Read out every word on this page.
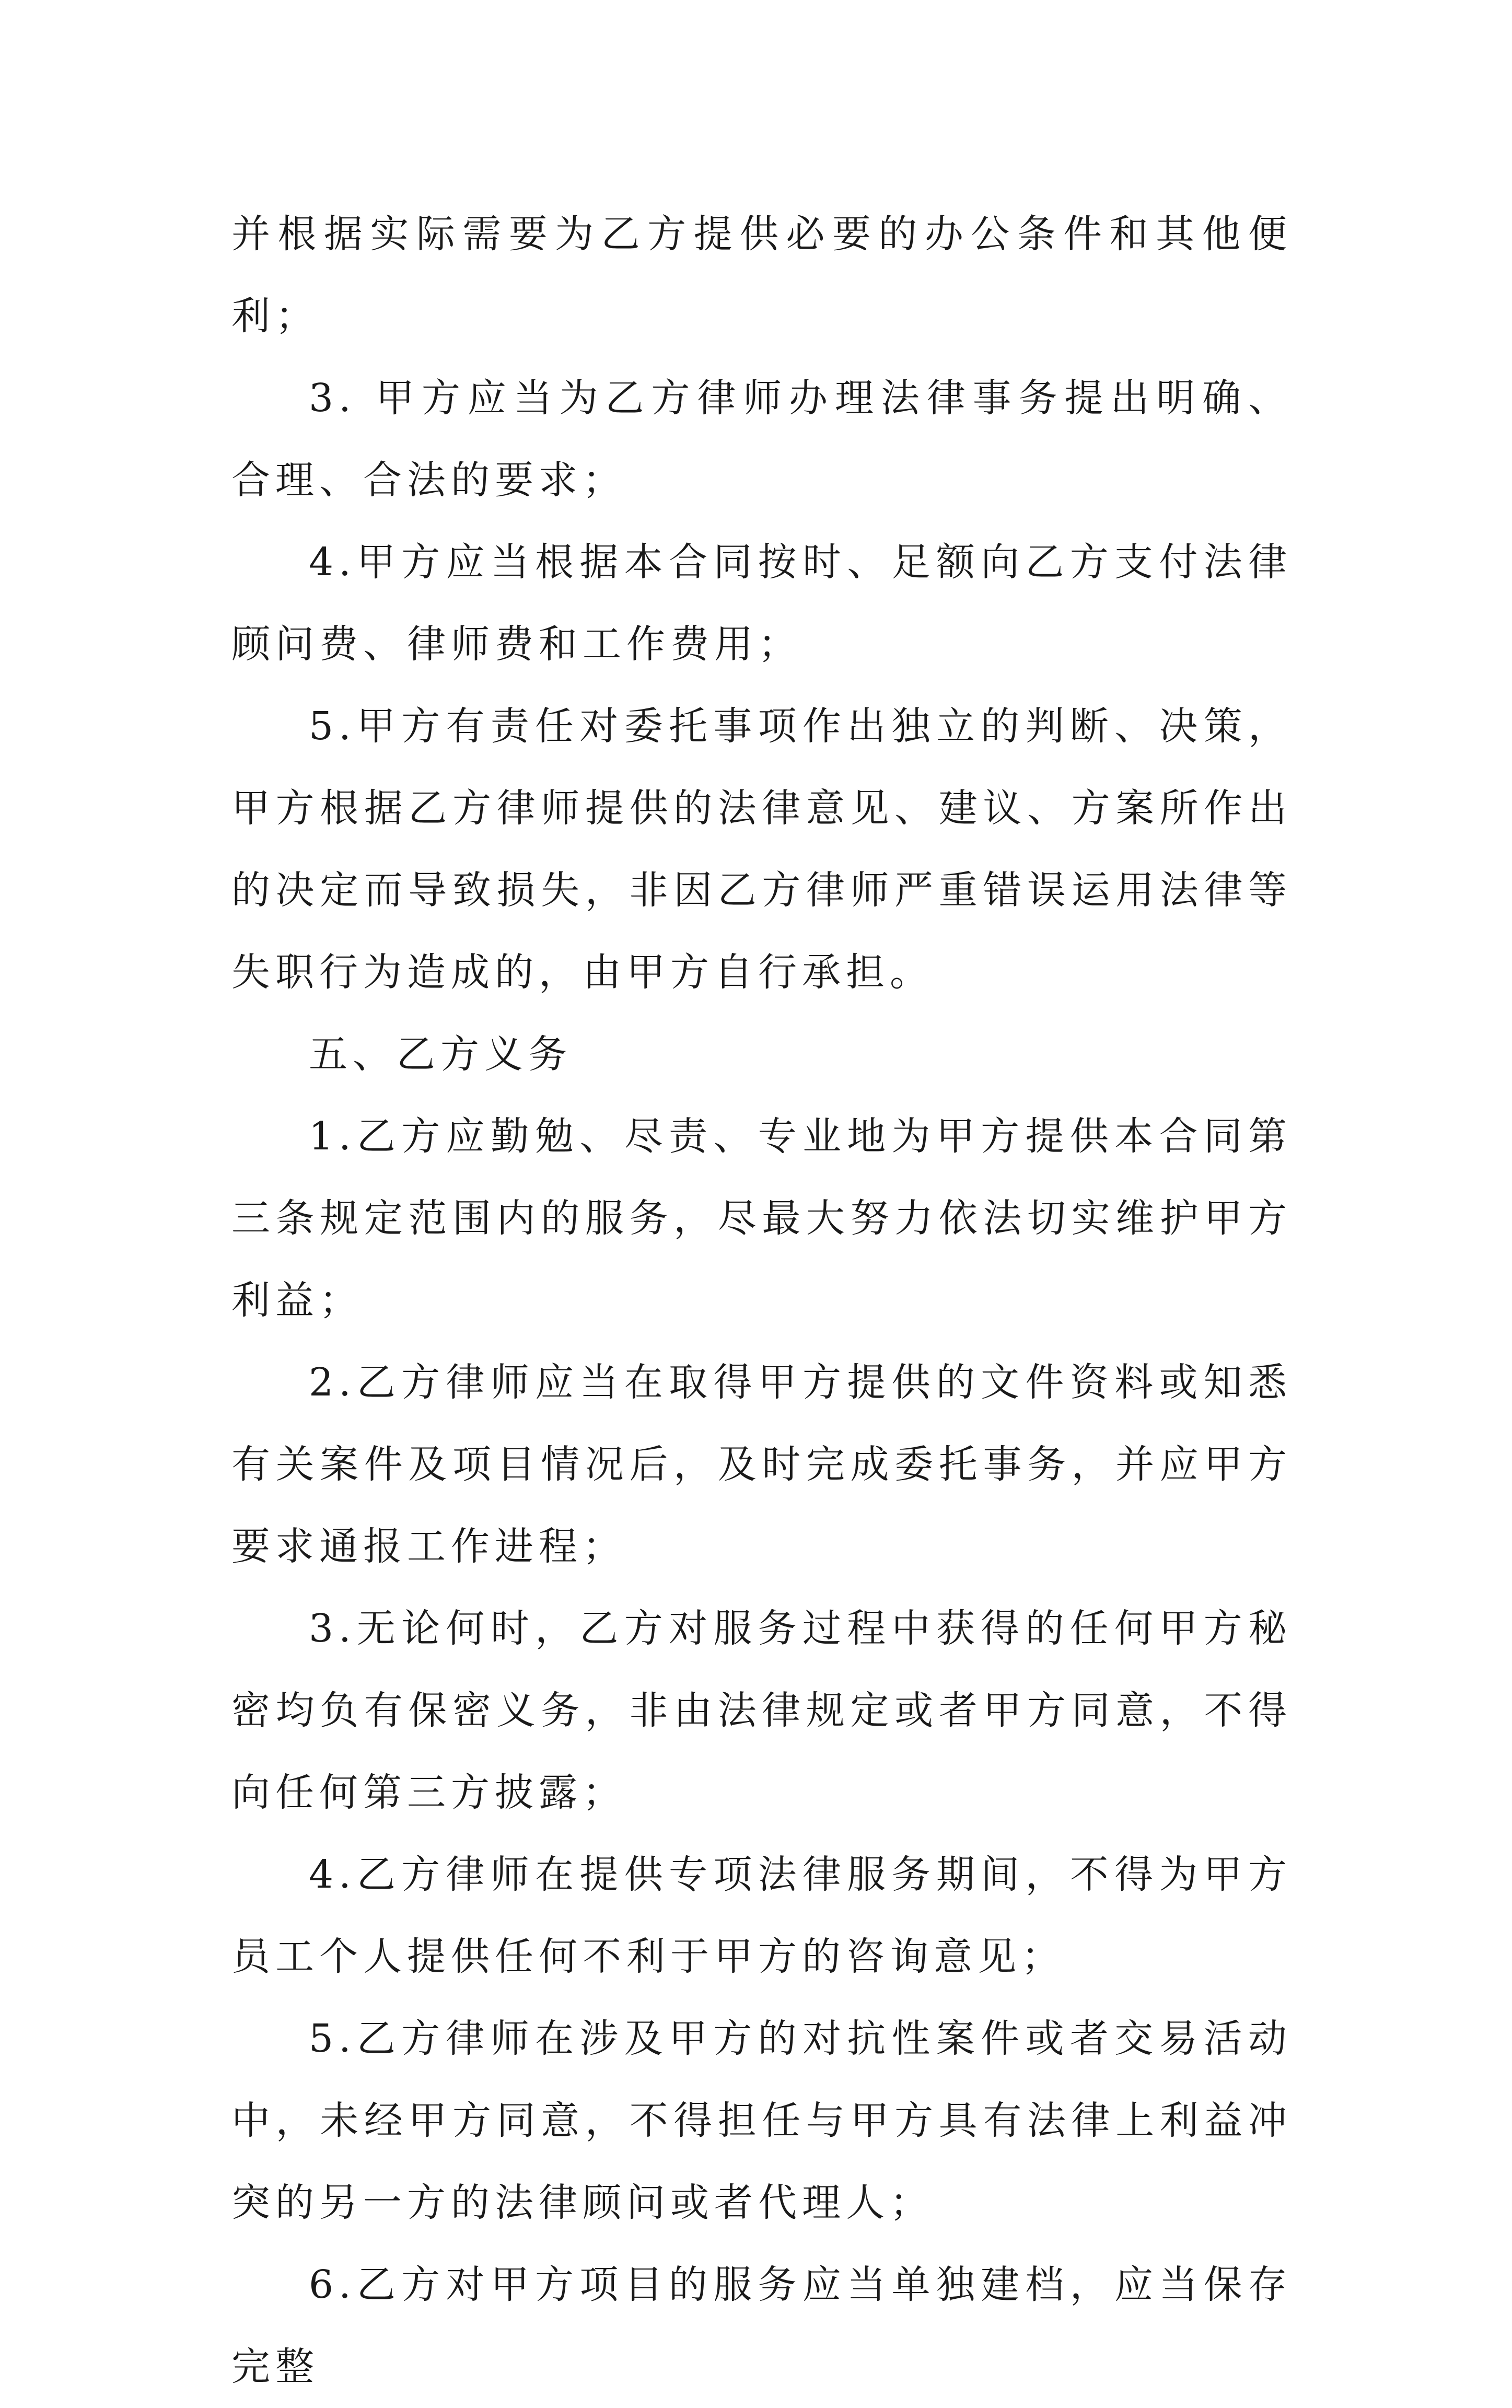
并根据实际需要为乙方提供必要的办公条件和其他便利；

3. 甲方应当为乙方律师办理法律事务提出明确、合理、合法的要求；

4.甲方应当根据本合同按时、足额向乙方支付法律顾问费、律师费和工作费用；

5.甲方有责任对委托事项作出独立的判断、决策，甲方根据乙方律师提供的法律意见、建议、方案所作出的决定而导致损失，非因乙方律师严重错误运用法律等失职行为造成的，由甲方自行承担。

五、乙方义务

1.乙方应勤勉、尽责、专业地为甲方提供本合同第三条规定范围内的服务，尽最大努力依法切实维护甲方利益；

2.乙方律师应当在取得甲方提供的文件资料或知悉有关案件及项目情况后，及时完成委托事务，并应甲方要求通报工作进程；

3.无论何时，乙方对服务过程中获得的任何甲方秘密均负有保密义务，非由法律规定或者甲方同意，不得向任何第三方披露；

4.乙方律师在提供专项法律服务期间，不得为甲方员工个人提供任何不利于甲方的咨询意见；

5.乙方律师在涉及甲方的对抗性案件或者交易活动中，未经甲方同意，不得担任与甲方具有法律上利益冲突的另一方的法律顾问或者代理人；

6.乙方对甲方项目的服务应当单独建档，应当保存完整
